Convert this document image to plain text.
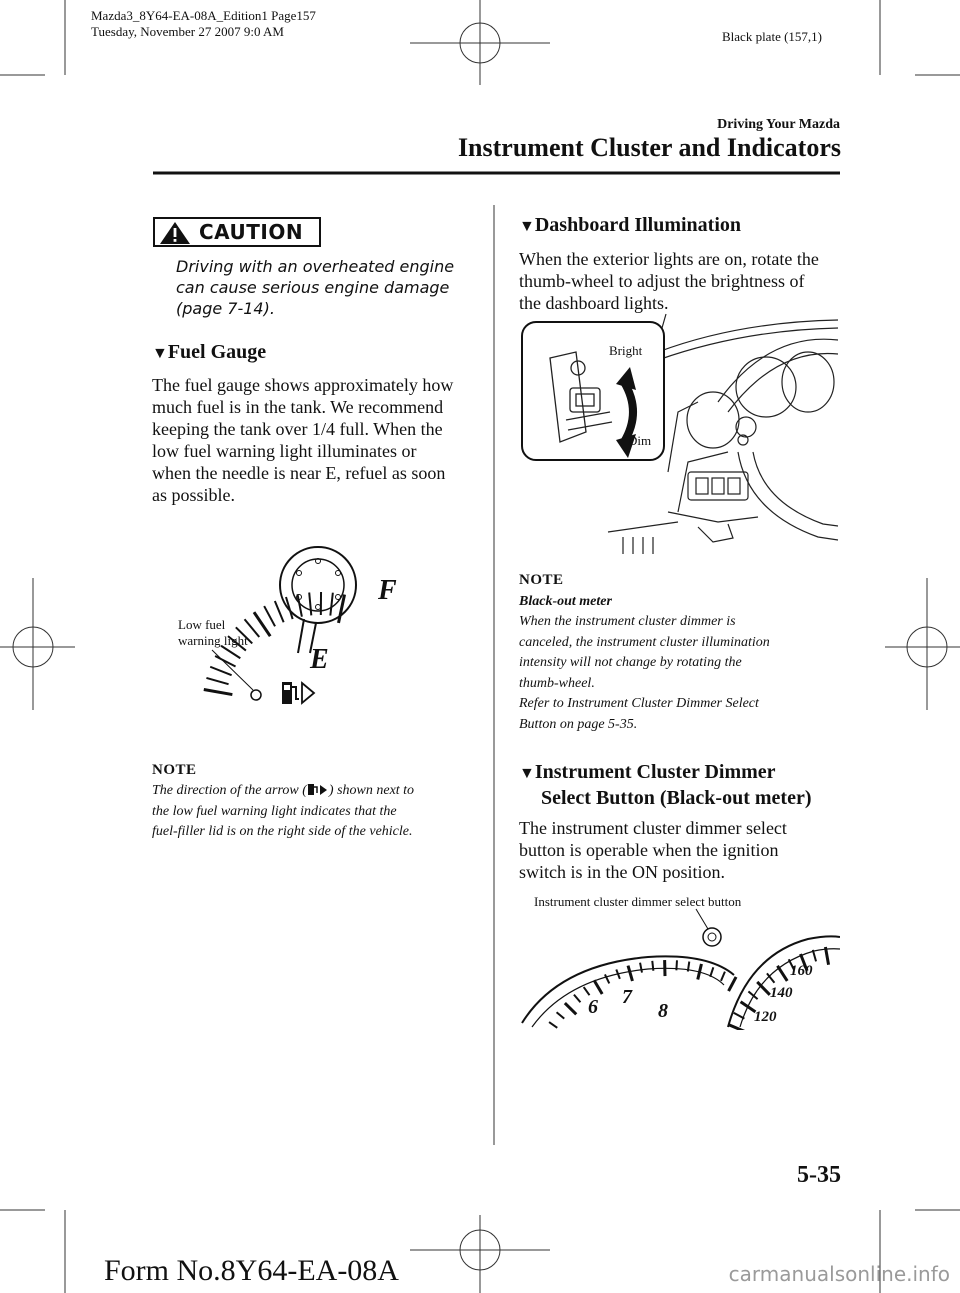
Mazda3_8Y64-EA-08A_Edition1 Page157
Tuesday, November 27 2007 9:0 AM	Black plate (157,1)
Driving Your Mazda
Instrument Cluster and Indicators
CAUTION
Driving with an overheated engine
can cause serious engine damage
(page 7-14).
▼Fuel Gauge
The fuel gauge shows approximately how
much fuel is in the tank. We recommend
keeping the tank over 1/4 full. When the
low fuel warning light illuminates or
when the needle is near E, refuel as soon
as possible.
F
E
Low fuel
warning light
NOTE
The direction of the arrow ( ) shown next to
the low fuel warning light indicates that the
fuel-filler lid is on the right side of the vehicle.
▼Dashboard Illumination
When the exterior lights are on, rotate the
thumb-wheel to adjust the brightness of
the dashboard lights.
Bright
Dim
NOTE
Black-out meter
When the instrument cluster dimmer is
canceled, the instrument cluster illumination
intensity will not change by rotating the
thumb-wheel.
Refer to Instrument Cluster Dimmer Select
Button on page 5-35.
▼Instrument Cluster Dimmer
Select Button (Black-out meter)
The instrument cluster dimmer select
button is operable when the ignition
switch is in the ON position.
Instrument cluster dimmer select button
6 7
8	120
140
160
5-35
Form No.8Y64-EA-08A	carmanualsonline.info
